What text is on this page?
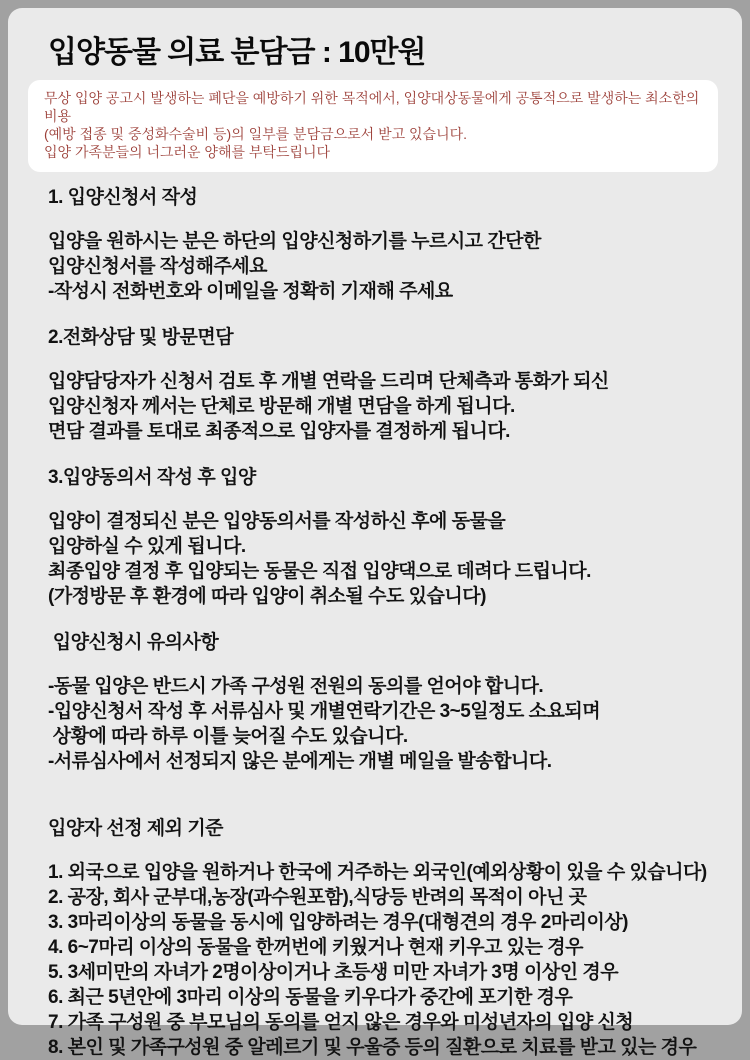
입양동물 의료 분담금 : 10만원

무상 입양 공고시 발생하는 폐단을 예방하기 위한 목적에서, 입양대상동물에게 공통적으로 발생하는 최소한의 비용

(예방 접종 및 중성화수술비 등)의 일부를 분담금으로서 받고 있습니다.

입양 가족분들의 너그러운 양해를 부탁드립니다

1. 입양신청서 작성

입양을 원하시는 분은 하단의 입양신청하기를 누르시고 간단한

입양신청서를 작성해주세요

-작성시 전화번호와 이메일을 정확히 기재해 주세요

2.전화상담 및 방문면담

입양담당자가 신청서 검토 후 개별 연락을 드리며 단체측과 통화가 되신

입양신청자 께서는 단체로 방문해 개별 면담을 하게 됩니다.

면담 결과를 토대로 최종적으로 입양자를 결정하게 됩니다.

3.입양동의서 작성 후 입양

입양이 결정되신 분은 입양동의서를 작성하신 후에 동물을

입양하실 수 있게 됩니다.

최종입양 결정 후 입양되는 동물은 직접 입양댁으로 데려다 드립니다.

(가정방문 후 환경에 따라 입양이 취소될 수도 있습니다)

입양신청시 유의사항

-동물 입양은 반드시 가족 구성원 전원의 동의를 얻어야 합니다.

-입양신청서 작성 후 서류심사 및 개별연락기간은 3~5일정도 소요되며

상황에 따라 하루 이틀 늦어질 수도 있습니다.

-서류심사에서 선정되지 않은 분에게는 개별 메일을 발송합니다.

입양자 선정 제외 기준

1. 외국으로 입양을 원하거나 한국에 거주하는 외국인(예외상황이 있을 수 있습니다)

2. 공장, 회사 군부대,농장(과수원포함),식당등 반려의 목적이 아닌 곳

3. 3마리이상의 동물을 동시에 입양하려는 경우(대형견의 경우 2마리이상)

4. 6~7마리 이상의 동물을 한꺼번에 키웠거나 현재 키우고 있는 경우

5. 3세미만의 자녀가 2명이상이거나 초등생 미만 자녀가 3명 이상인 경우

6. 최근 5년안에 3마리 이상의 동물을 키우다가 중간에 포기한 경우

7. 가족 구성원 중 부모님의 동의를 얻지 않은 경우와 미성년자의 입양 신청

8. 본인 및 가족구성원 중 알레르기 및 우울증 등의 질환으로 치료를 받고 있는 경우
